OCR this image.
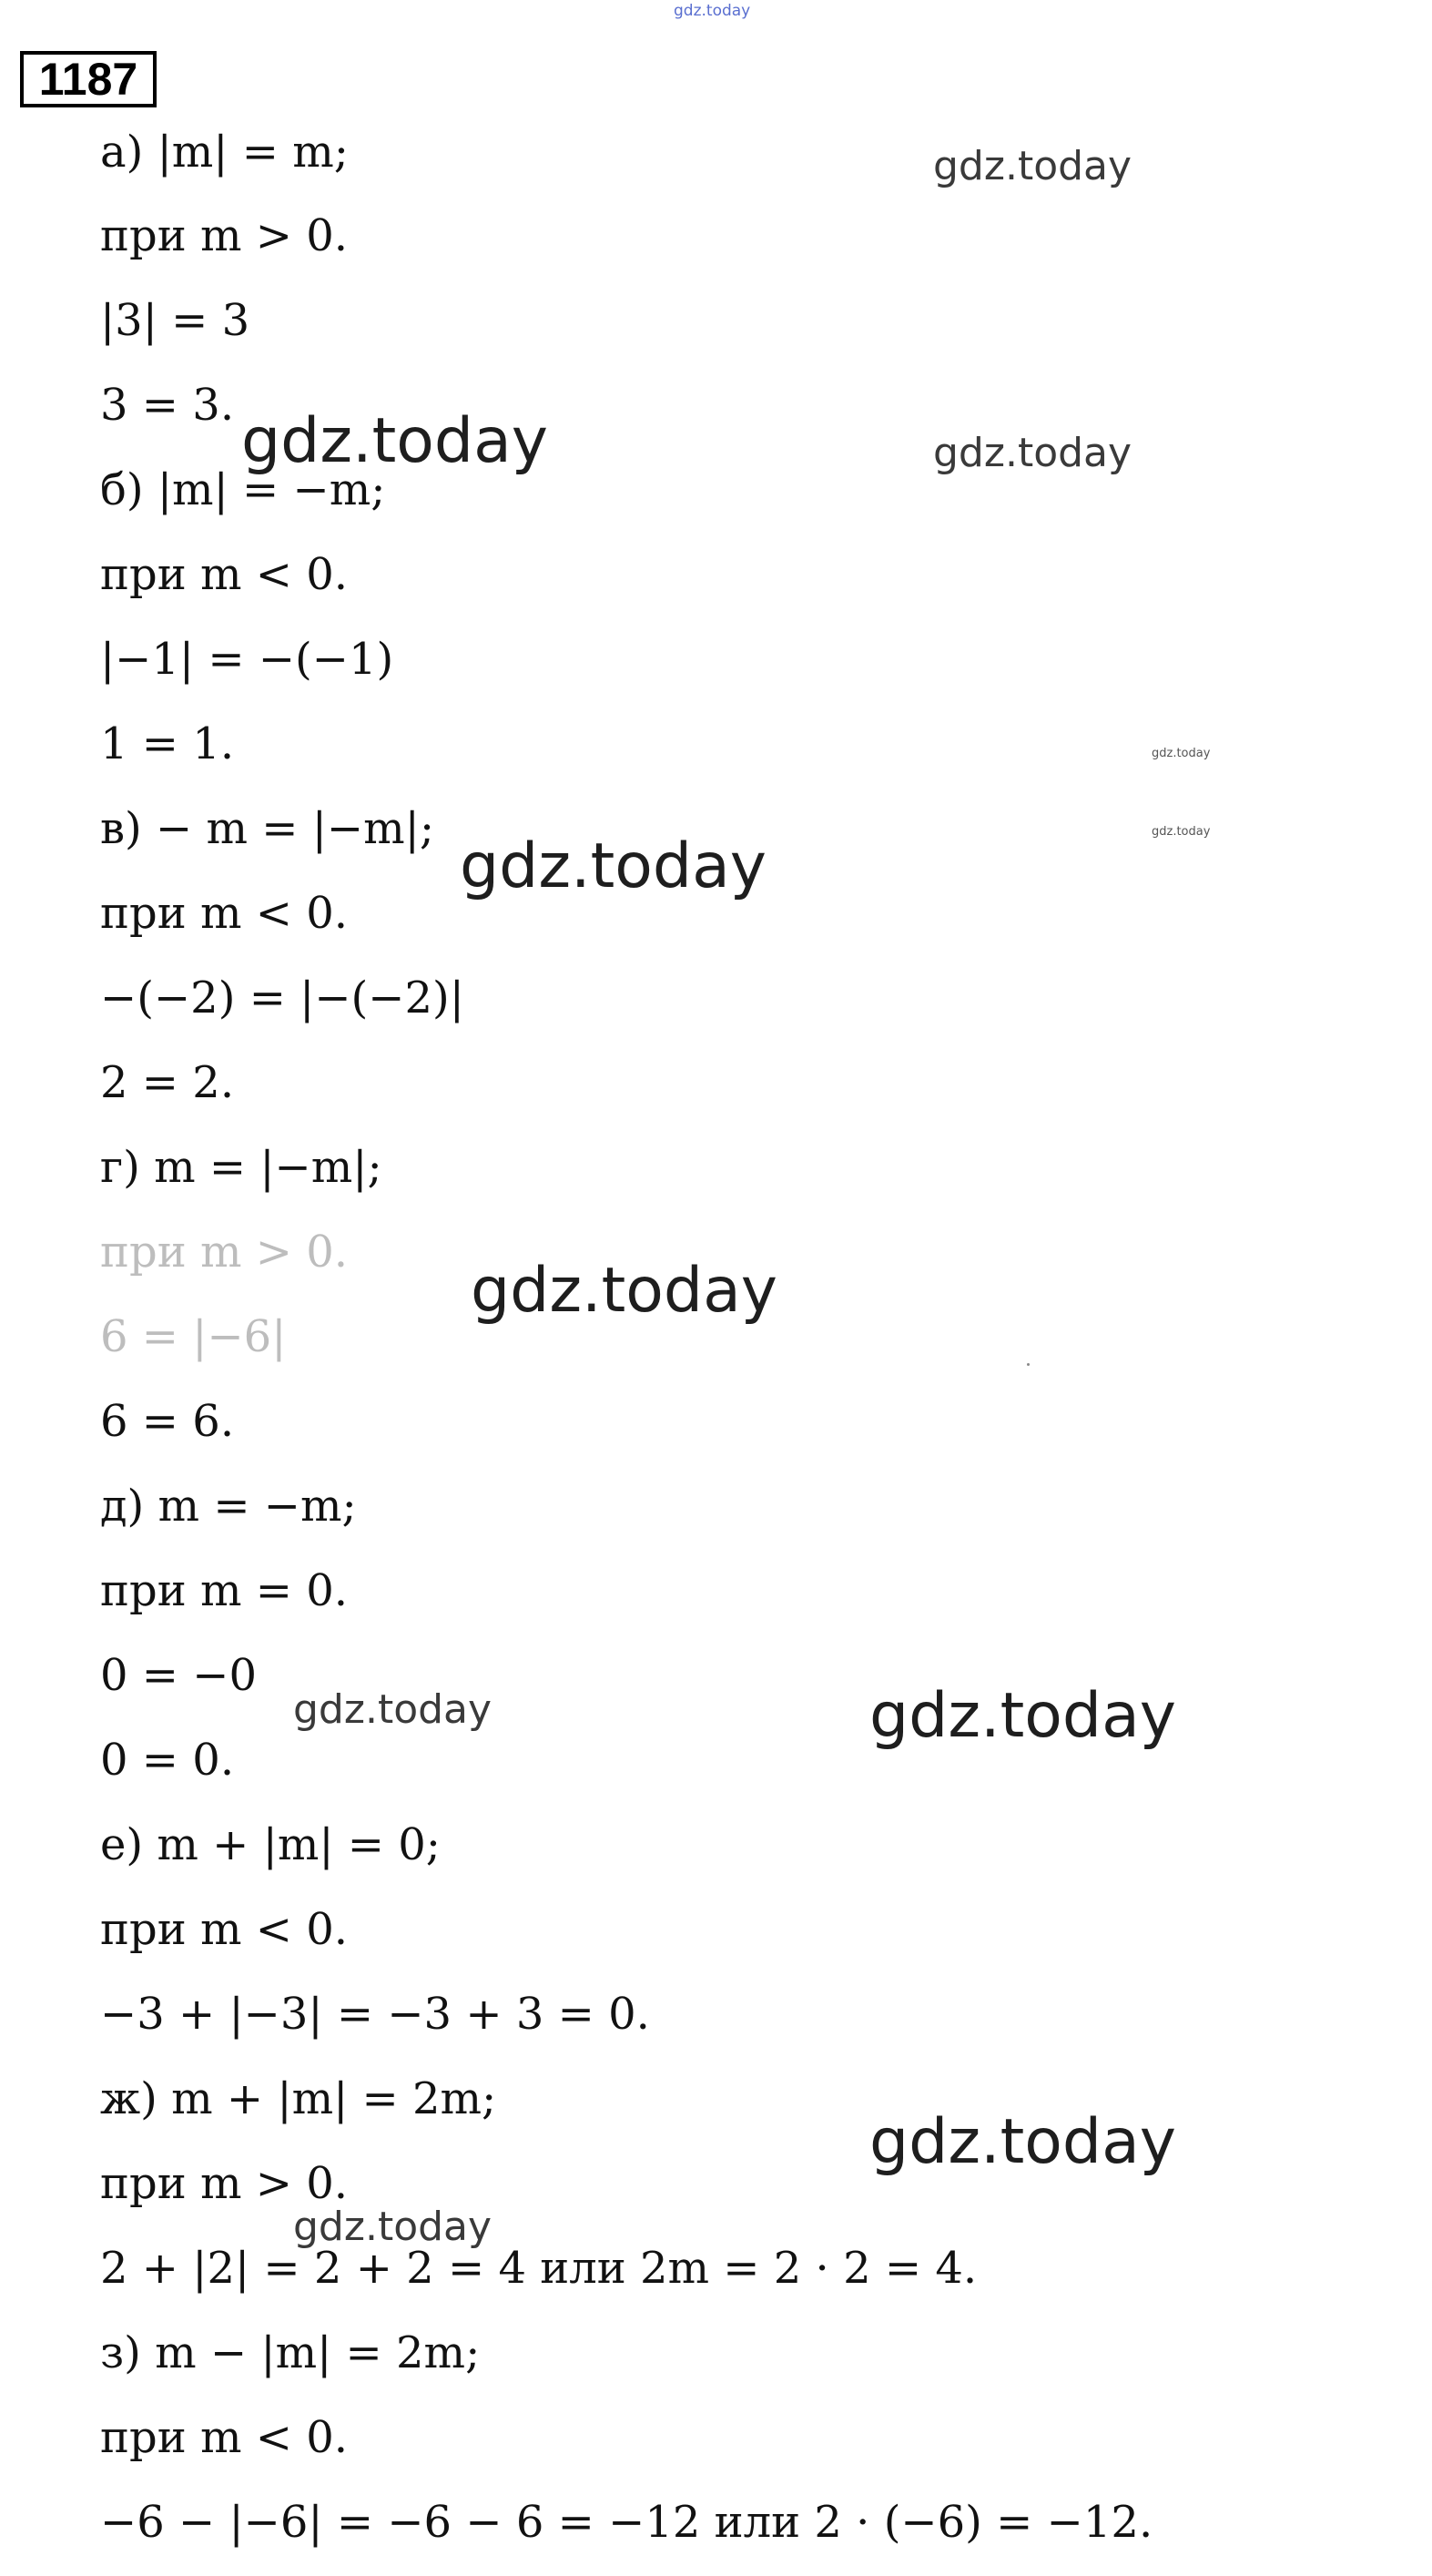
gdz.today
1187
а) |m| = m;
при m > 0.
|3| = 3
3 = 3.
б) |m| = −m;
при m < 0.
|−1| = −(−1)
1 = 1.
в) − m = |−m|;
при m < 0.
−(−2) = |−(−2)|
2 = 2.
г) m = |−m|;
при m > 0.
6 = |−6|
6 = 6.
д) m = −m;
при m = 0.
0 = −0
0 = 0.
е) m + |m| = 0;
при m < 0.
−3 + |−3| = −3 + 3 = 0.
ж) m + |m| = 2m;
при m > 0.
2 + |2| = 2 + 2 = 4 или 2m = 2 · 2 = 4.
з) m − |m| = 2m;
при m < 0.
−6 − |−6| = −6 − 6 = −12 или 2 · (−6) = −12.
gdz.today
gdz.today	gdz.today
gdz.today
gdz.today
gdz.today
gdz.today
gdz.today	gdz.today
gdz.today
gdz.today
